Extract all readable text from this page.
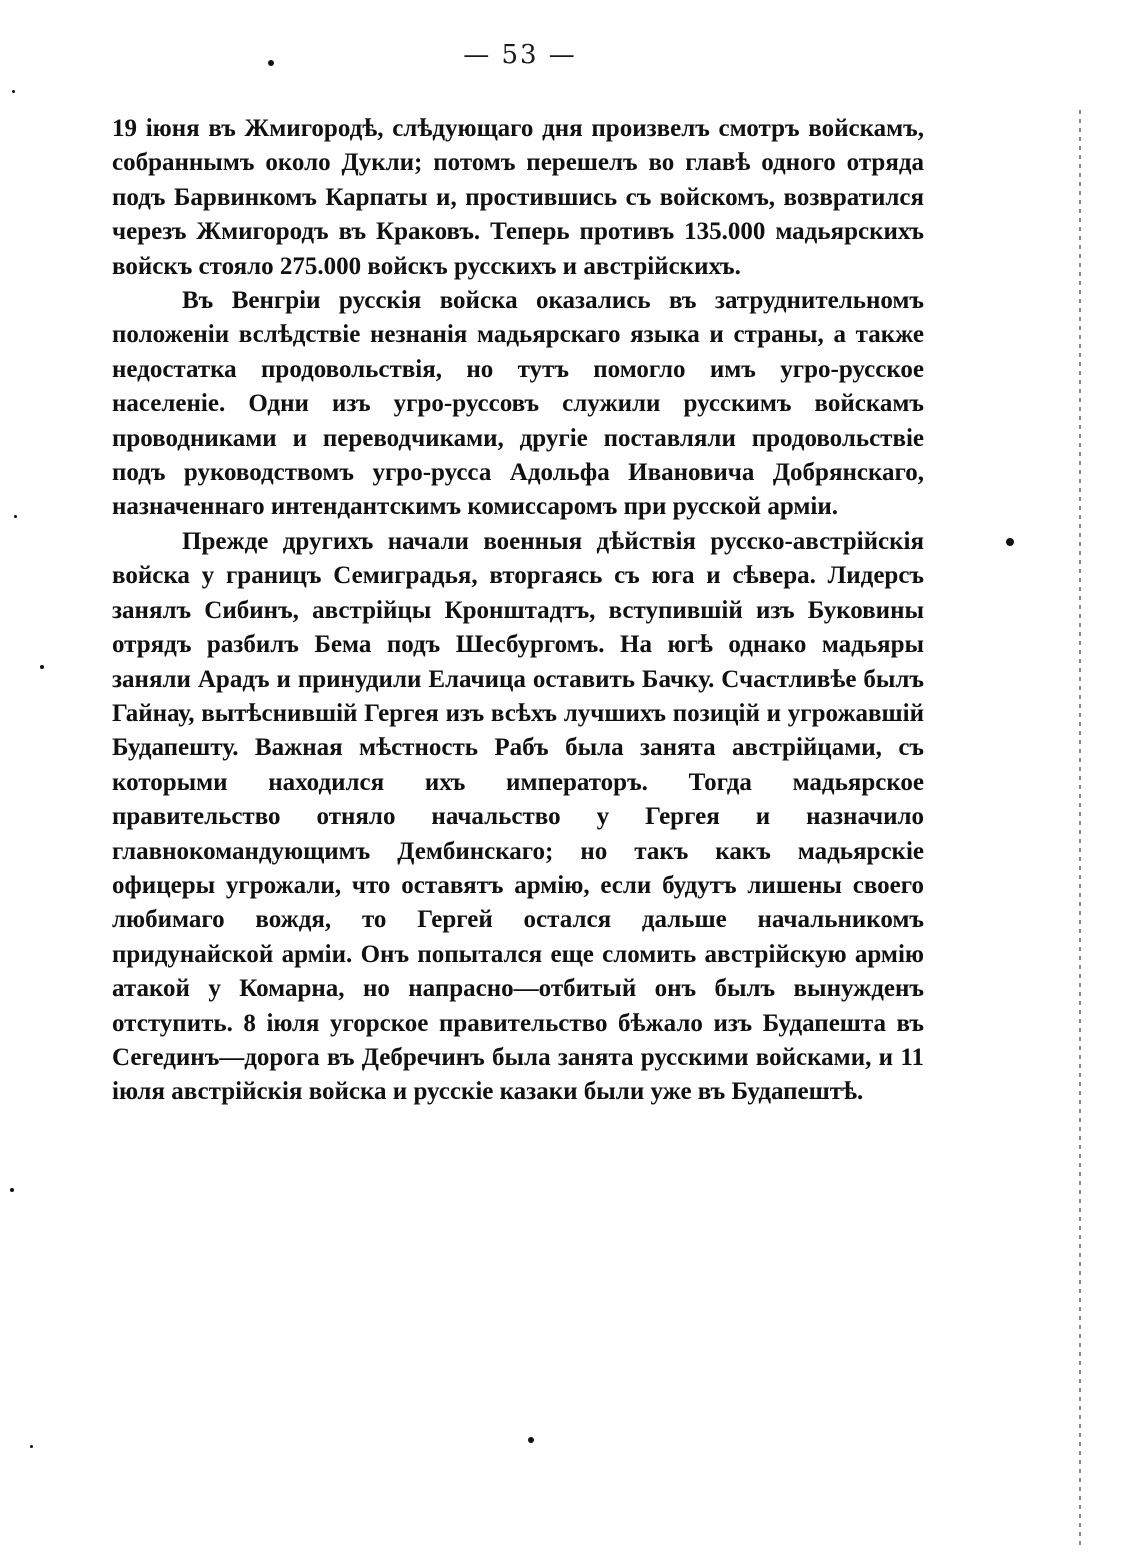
— 53 —

19 іюня въ Жмигородѣ, слѣдующаго дня произвелъ смотръ войскамъ, собраннымъ около Дукли; потомъ перешелъ во главѣ одного отряда подъ Барвинкомъ Карпаты и, простившись съ войскомъ, возвратился черезъ Жмигородъ въ Краковъ. Теперь противъ 135.000 мадьярскихъ войскъ стояло 275.000 войскъ русскихъ и австрійскихъ.

Въ Венгріи русскія войска оказались въ затруднительномъ положеніи вслѣдствіе незнанія мадьярскаго языка и страны, а также недостатка продовольствія, но тутъ помогло имъ угро-русское населеніе. Одни изъ угро-руссовъ служили русскимъ войскамъ проводниками и переводчиками, другіе поставляли продовольствіе подъ руководствомъ угро-русса Адольфа Ивановича Добрянскаго, назначеннаго интендантскимъ комиссаромъ при русской арміи.

Прежде другихъ начали военныя дѣйствія русско-австрійскія войска у границъ Семиградья, вторгаясь съ юга и сѣвера. Лидерсъ занялъ Сибинъ, австрійцы Кронштадтъ, вступившій изъ Буковины отрядъ разбилъ Бема подъ Шесбургомъ. На югѣ однако мадьяры заняли Арадъ и принудили Елачица оставить Бачку. Счастливѣе былъ Гайнау, вытѣснившій Гергея изъ всѣхъ лучшихъ позицій и угрожавшій Будапешту. Важная мѣстность Рабъ была занята австрійцами, съ которыми находился ихъ императоръ. Тогда мадьярское правительство отняло начальство у Гергея и назначило главнокомандующимъ Дембинскаго; но такъ какъ мадьярскіе офицеры угрожали, что оставятъ армію, если будутъ лишены своего любимаго вождя, то Гергей остался дальше начальникомъ придунайской арміи. Онъ попытался еще сломить австрійскую армію атакой у Комарна, но напрасно—отбитый онъ былъ вынужденъ отступить. 8 іюля угорское правительство бѣжало изъ Будапешта въ Сегединъ—дорога въ Дебречинъ была занята русскими войсками, и 11 іюля австрійскія войска и русскіе казаки были уже въ Будапештѣ.
